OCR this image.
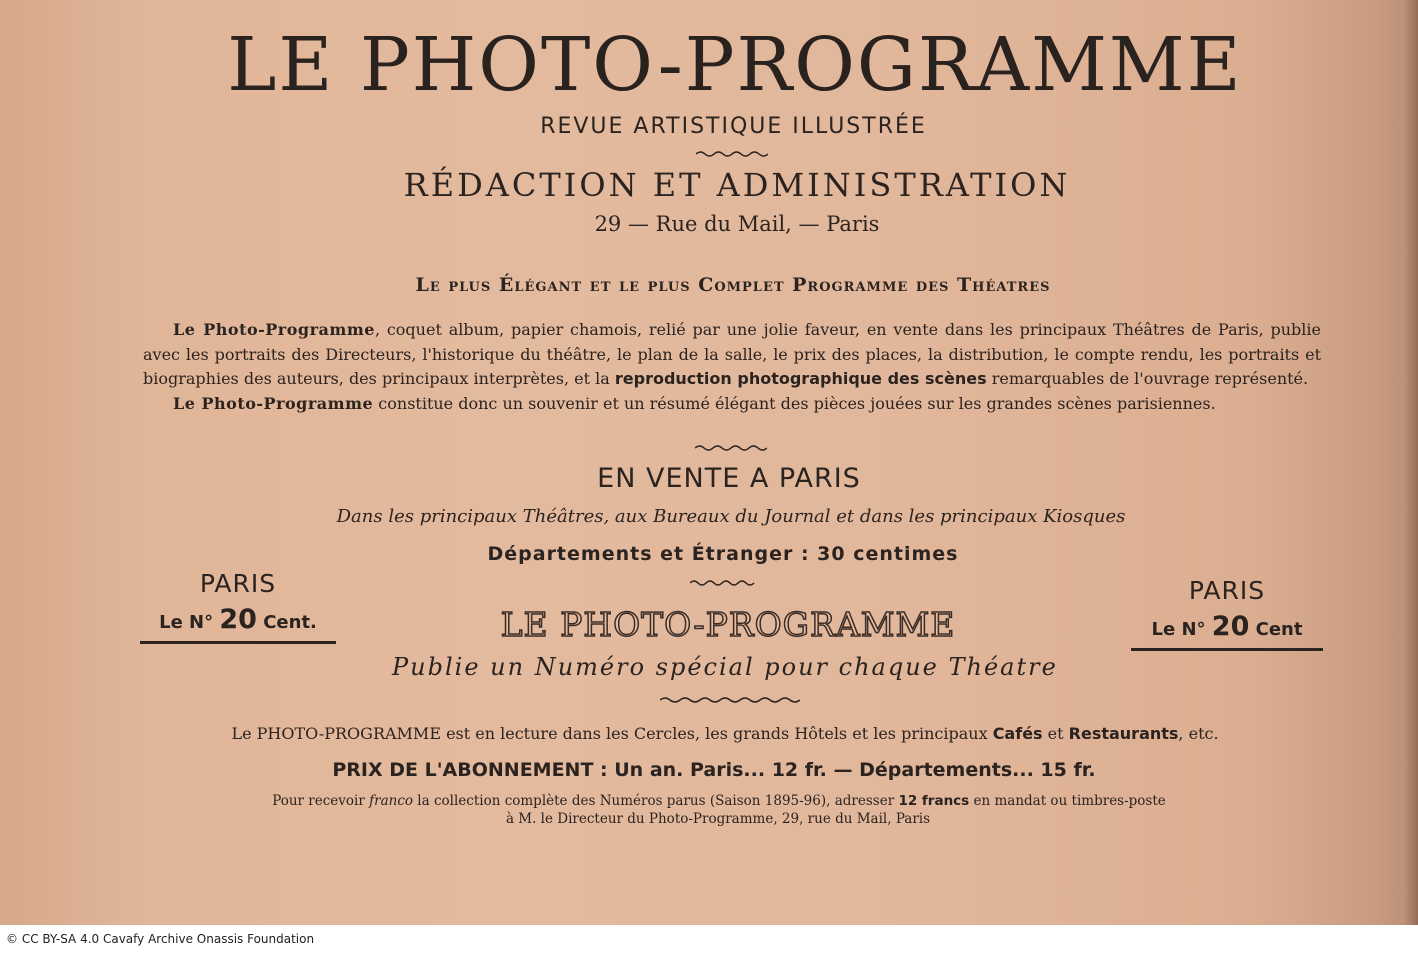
LE PHOTO-PROGRAMME
REVUE ARTISTIQUE ILLUSTRÉE
RÉDACTION ET ADMINISTRATION
29 — Rue du Mail, — Paris
Le plus Élégant et le plus Complet Programme des Théatres

Le Photo-Programme, coquet album, papier chamois, relié par une jolie faveur, en vente dans les principaux Théâtres de Paris, publie avec les portraits des Directeurs, l'historique du théâtre, le plan de la salle, le prix des places, la distribution, le compte rendu, les portraits et biographies des auteurs, des principaux interprètes, et la reproduction photographique des scènes remarquables de l'ouvrage représenté.

Le Photo-Programme constitue donc un souvenir et un résumé élégant des pièces jouées sur les grandes scènes parisiennes.

EN VENTE A PARIS
Dans les principaux Théâtres, aux Bureaux du Journal et dans les principaux Kiosques
Départements et Étranger : 30 centimes
PARIS
Le N° 20 Cent.
PARIS
Le N° 20 Cent
LE PHOTO-PROGRAMME
Publie un Numéro spécial pour chaque Théatre
Le PHOTO-PROGRAMME est en lecture dans les Cercles, les grands Hôtels et les principaux Cafés et Restaurants, etc.
PRIX DE L'ABONNEMENT : Un an. Paris... 12 fr. — Départements... 15 fr.
Pour recevoir franco la collection complète des Numéros parus (Saison 1895-96), adresser 12 francs en mandat ou timbres-poste
à M. le Directeur du Photo-Programme, 29, rue du Mail, Paris
© CC BY-SA 4.0 Cavafy Archive Onassis Foundation
